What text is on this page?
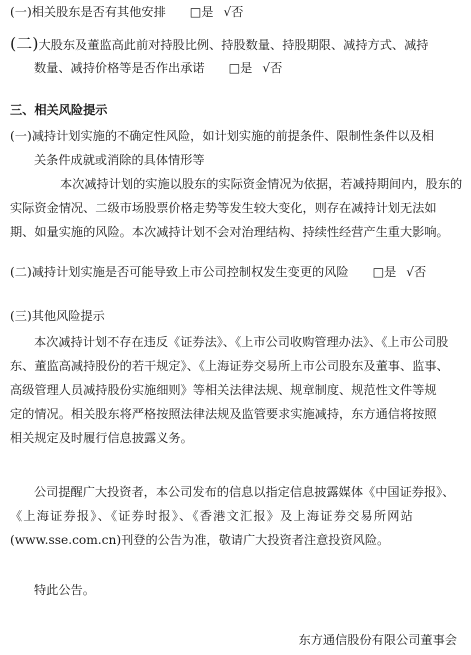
(一)相关股东是否有其他安排 □是 √否
(二)大股东及董监高此前对持股比例、持股数量、持股期限、减持方式、减持
数量、减持价格等是否作出承诺 □是 √否
三、相关风险提示
(一)减持计划实施的不确定性风险，如计划实施的前提条件、限制性条件以及相
关条件成就或消除的具体情形等
本次减持计划的实施以股东的实际资金情况为依据，若减持期间内，股东的
实际资金情况、二级市场股票价格走势等发生较大变化，则存在减持计划无法如
期、如量实施的风险。本次减持计划不会对治理结构、持续性经营产生重大影响。
(二)减持计划实施是否可能导致上市公司控制权发生变更的风险 □是 √否
(三)其他风险提示
本次减持计划不存在违反《证券法》、《上市公司收购管理办法》、《上市公司股
东、董监高减持股份的若干规定》、《上海证券交易所上市公司股东及董事、监事、
高级管理人员减持股份实施细则》等相关法律法规、规章制度、规范性文件等规
定的情况。相关股东将严格按照法律法规及监管要求实施减持，东方通信将按照
相关规定及时履行信息披露义务。
公司提醒广大投资者，本公司发布的信息以指定信息披露媒体《中国证券报》、
《上海证券报》、《证券时报》、《香港文汇报》及上海证券交易所网站
(www.sse.com.cn)刊登的公告为准，敬请广大投资者注意投资风险。
特此公告。
东方通信股份有限公司董事会
